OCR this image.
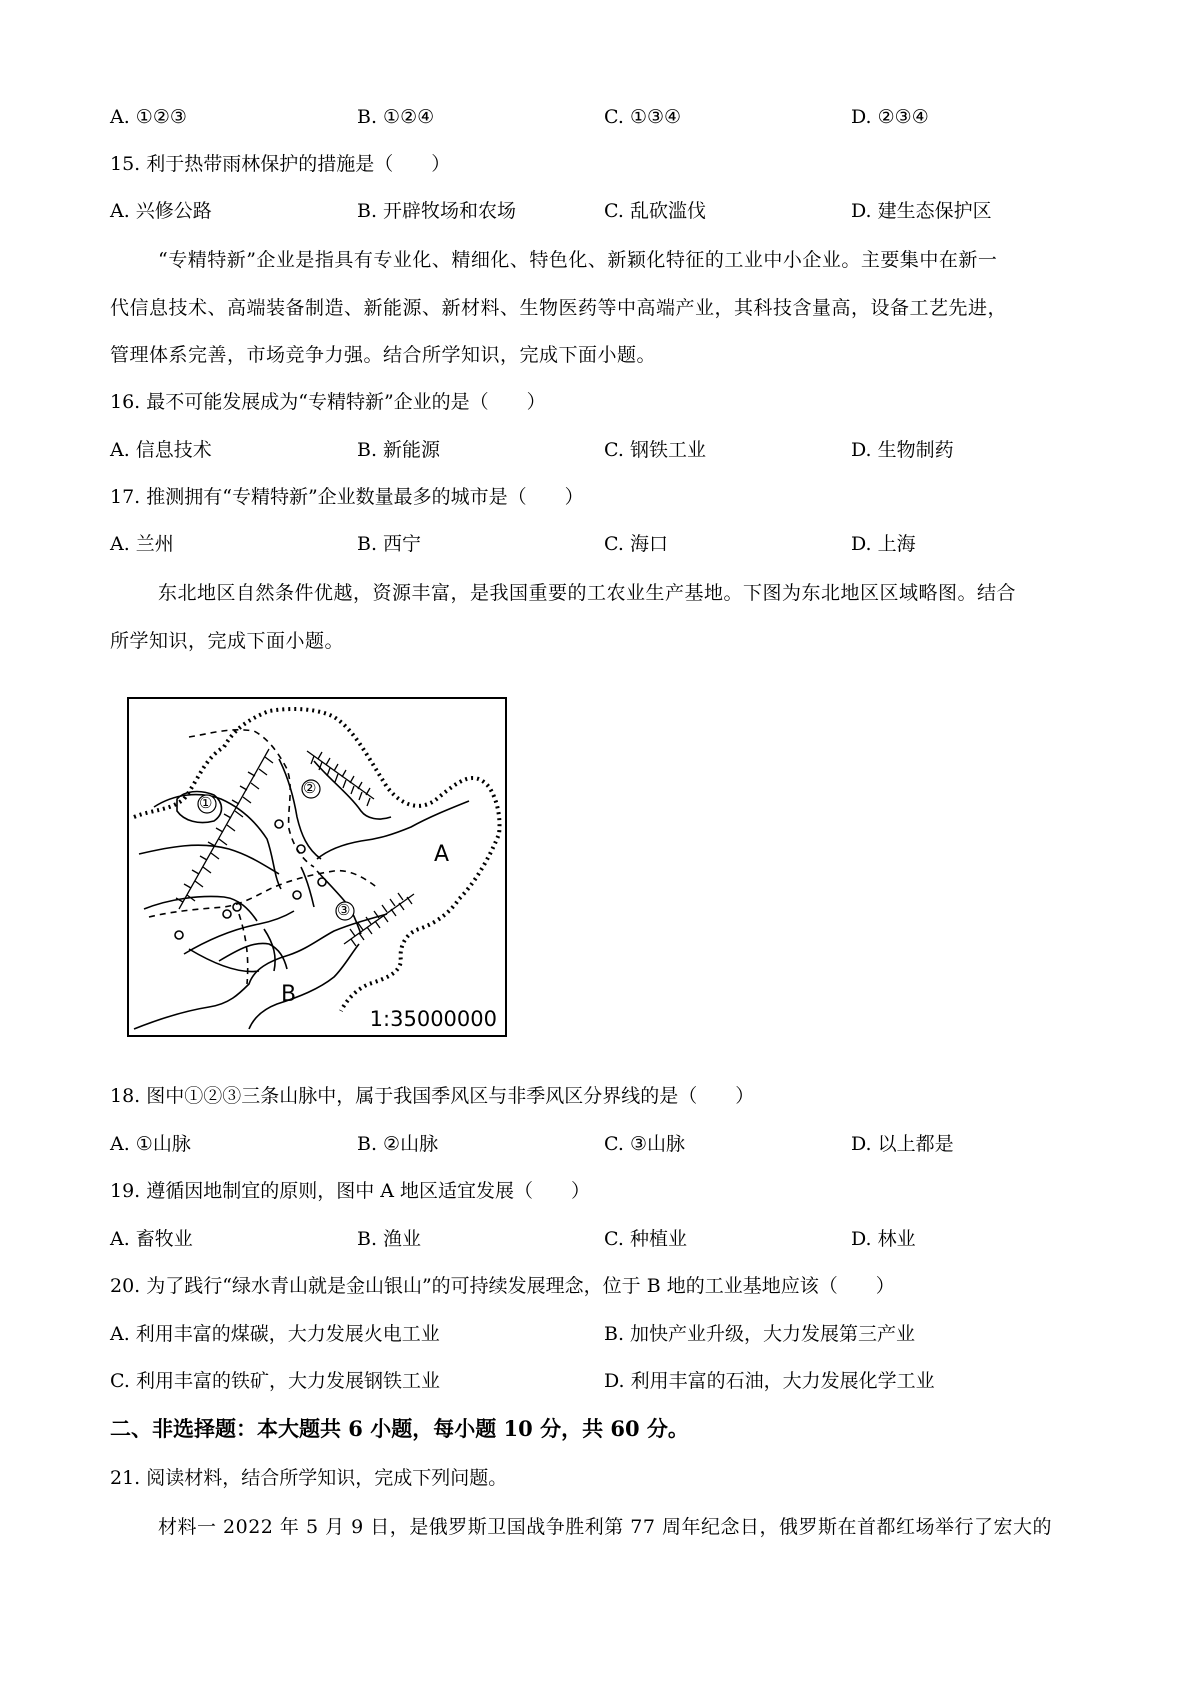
A. ①②③	B. ①②④	C. ①③④	D. ②③④
15. 利于热带雨林保护的措施是（　　）
A. 兴修公路	B. 开辟牧场和农场	C. 乱砍滥伐	D. 建生态保护区
“专精特新”企业是指具有专业化、精细化、特色化、新颖化特征的工业中小企业。主要集中在新一
代信息技术、高端装备制造、新能源、新材料、生物医药等中高端产业，其科技含量高，设备工艺先进，
管理体系完善，市场竞争力强。结合所学知识，完成下面小题。
16. 最不可能发展成为“专精特新”企业的是（　　）
A. 信息技术	B. 新能源	C. 钢铁工业	D. 生物制药
17. 推测拥有“专精特新”企业数量最多的城市是（　　）
A. 兰州	B. 西宁	C. 海口	D. 上海
东北地区自然条件优越，资源丰富，是我国重要的工农业生产基地。下图为东北地区区域略图。结合
所学知识，完成下面小题。
①
②
③
A
B
1:35000000
18. 图中①②③三条山脉中，属于我国季风区与非季风区分界线的是（　　）
A. ①山脉	B. ②山脉	C. ③山脉	D. 以上都是
19. 遵循因地制宜的原则，图中 A 地区适宜发展（　　）
A. 畜牧业	B. 渔业	C. 种植业	D. 林业
20. 为了践行“绿水青山就是金山银山”的可持续发展理念，位于 B 地的工业基地应该（　　）
A. 利用丰富的煤碳，大力发展火电工业	B. 加快产业升级，大力发展第三产业
C. 利用丰富的铁矿，大力发展钢铁工业	D. 利用丰富的石油，大力发展化学工业
二、非选择题：本大题共 6 小题，每小题 10 分，共 60 分。
21. 阅读材料，结合所学知识，完成下列问题。
材料一 2022 年 5 月 9 日，是俄罗斯卫国战争胜利第 77 周年纪念日，俄罗斯在首都红场举行了宏大的
